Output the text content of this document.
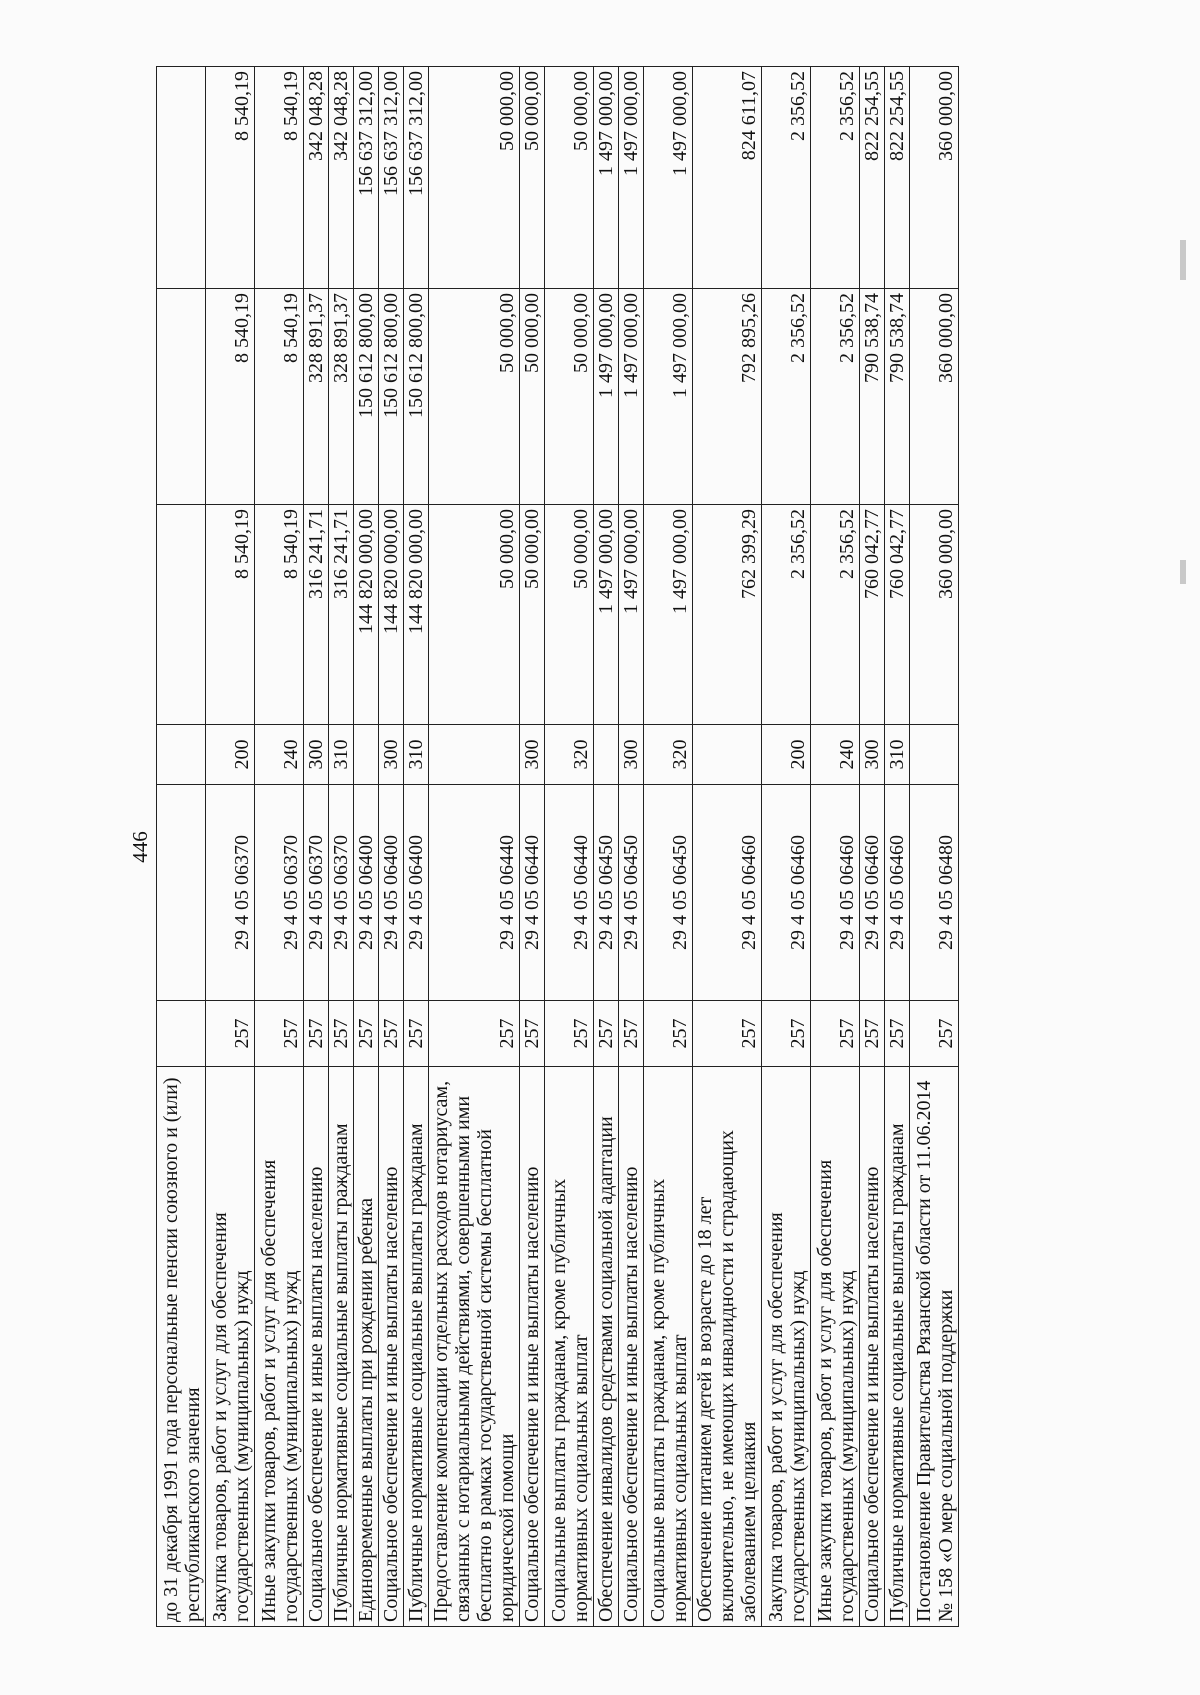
446
до 31 декабря 1991 года персональные пенсии союзного и (или) республиканского значения						
Закупка товаров, работ и услуг для обеспечения государственных (муниципальных) нужд	257	29 4 05 06370	200	8 540,19	8 540,19	8 540,19
Иные закупки товаров, работ и услуг для обеспечения государственных (муниципальных) нужд	257	29 4 05 06370	240	8 540,19	8 540,19	8 540,19
Социальное обеспечение и иные выплаты населению	257	29 4 05 06370	300	316 241,71	328 891,37	342 048,28
Публичные нормативные социальные выплаты гражданам	257	29 4 05 06370	310	316 241,71	328 891,37	342 048,28
Единовременные выплаты при рождении ребенка	257	29 4 05 06400		144 820 000,00	150 612 800,00	156 637 312,00
Социальное обеспечение и иные выплаты населению	257	29 4 05 06400	300	144 820 000,00	150 612 800,00	156 637 312,00
Публичные нормативные социальные выплаты гражданам	257	29 4 05 06400	310	144 820 000,00	150 612 800,00	156 637 312,00
Предоставление компенсации отдельных расходов нотариусам, связанных с нотариальными действиями, совершенными ими бесплатно в рамках государственной системы бесплатной юридической помощи	257	29 4 05 06440		50 000,00	50 000,00	50 000,00
Социальное обеспечение и иные выплаты населению	257	29 4 05 06440	300	50 000,00	50 000,00	50 000,00
Социальные выплаты гражданам, кроме публичных нормативных социальных выплат	257	29 4 05 06440	320	50 000,00	50 000,00	50 000,00
Обеспечение инвалидов средствами социальной адаптации	257	29 4 05 06450		1 497 000,00	1 497 000,00	1 497 000,00
Социальное обеспечение и иные выплаты населению	257	29 4 05 06450	300	1 497 000,00	1 497 000,00	1 497 000,00
Социальные выплаты гражданам, кроме публичных нормативных социальных выплат	257	29 4 05 06450	320	1 497 000,00	1 497 000,00	1 497 000,00
Обеспечение питанием детей в возрасте до 18 лет включительно, не имеющих инвалидности и страдающих заболеванием целиакия	257	29 4 05 06460		762 399,29	792 895,26	824 611,07
Закупка товаров, работ и услуг для обеспечения государственных (муниципальных) нужд	257	29 4 05 06460	200	2 356,52	2 356,52	2 356,52
Иные закупки товаров, работ и услуг для обеспечения государственных (муниципальных) нужд	257	29 4 05 06460	240	2 356,52	2 356,52	2 356,52
Социальное обеспечение и иные выплаты населению	257	29 4 05 06460	300	760 042,77	790 538,74	822 254,55
Публичные нормативные социальные выплаты гражданам	257	29 4 05 06460	310	760 042,77	790 538,74	822 254,55
Постановление Правительства Рязанской области от 11.06.2014 № 158 «О мере социальной поддержки	257	29 4 05 06480		360 000,00	360 000,00	360 000,00
